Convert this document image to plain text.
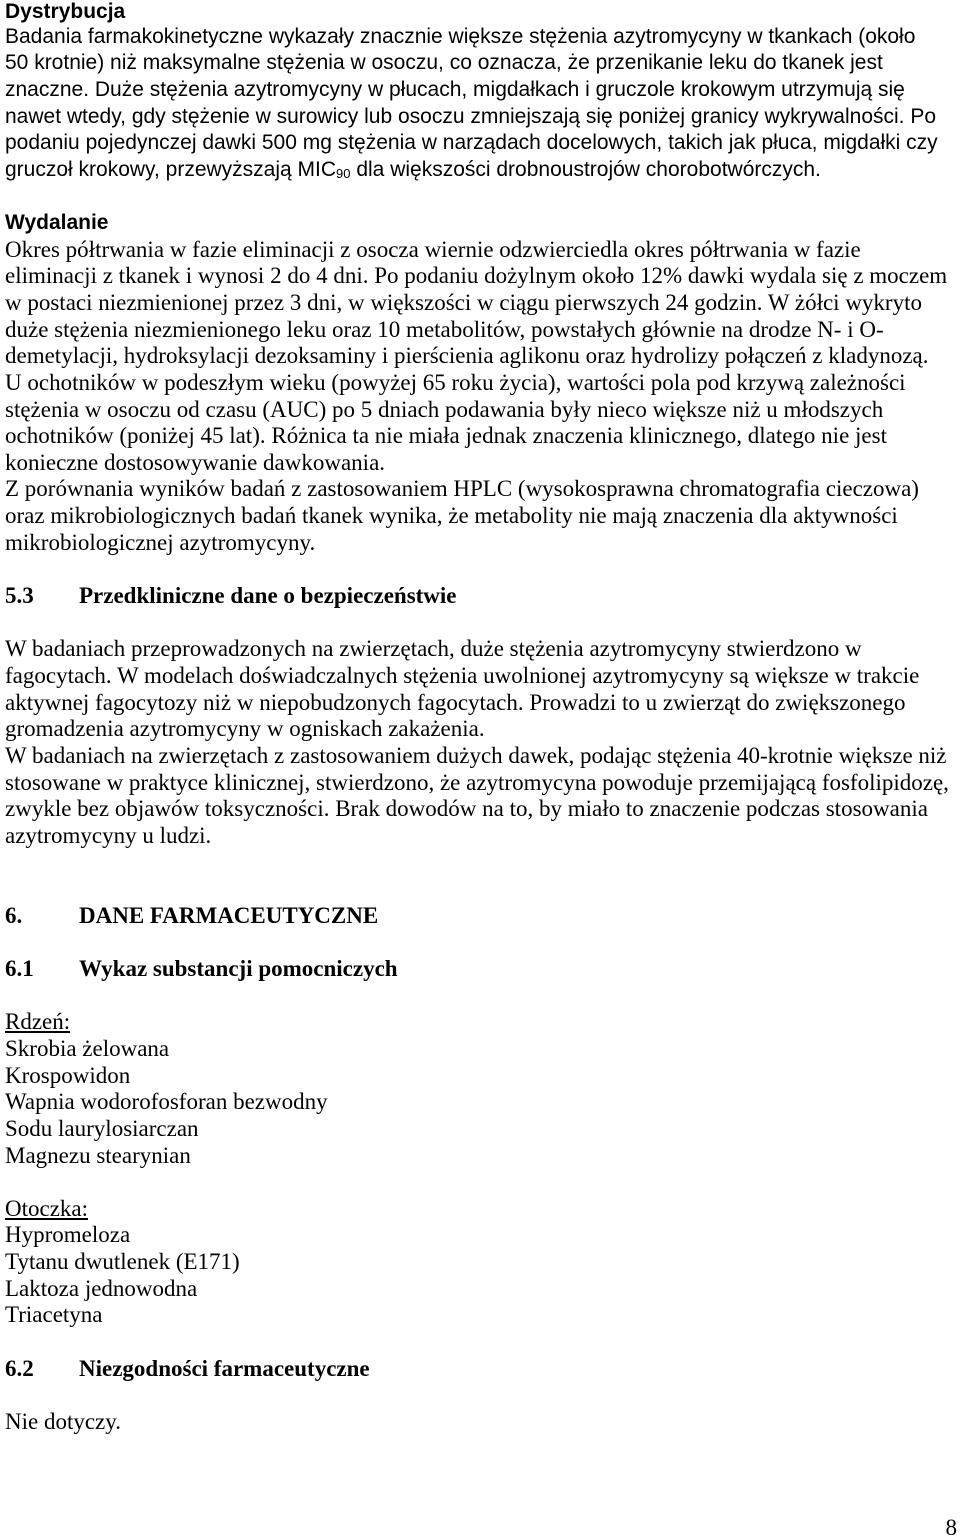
Dystrybucja
Badania farmakokinetyczne wykazały znacznie większe stężenia azytromycyny w tkankach (około
50 krotnie) niż maksymalne stężenia w osoczu, co oznacza, że przenikanie leku do tkanek jest
znaczne. Duże stężenia azytromycyny w płucach, migdałkach i gruczole krokowym utrzymują się
nawet wtedy, gdy stężenie w surowicy lub osoczu zmniejszają się poniżej granicy wykrywalności. Po
podaniu pojedynczej dawki 500 mg stężenia w narządach docelowych, takich jak płuca, migdałki czy
gruczoł krokowy, przewyższają $MIC_{90}$ dla większości drobnoustrojów chorobotwórczych.
Wydalanie
Okres półtrwania w fazie eliminacji z osocza wiernie odzwierciedla okres półtrwania w fazie
eliminacji z tkanek i wynosi 2 do 4 dni. Po podaniu dożylnym około 12% dawki wydala się z moczem
w postaci niezmienionej przez 3 dni, w większości w ciągu pierwszych 24 godzin. W żółci wykryto
duże stężenia niezmienionego leku oraz 10 metabolitów, powstałych głównie na drodze N- i O-
demetylacji, hydroksylacji dezoksaminy i pierścienia aglikonu oraz hydrolizy połączeń z kladynozą.
U ochotników w podeszłym wieku (powyżej 65 roku życia), wartości pola pod krzywą zależności
stężenia w osoczu od czasu (AUC) po 5 dniach podawania były nieco większe niż u młodszych
ochotników (poniżej 45 lat). Różnica ta nie miała jednak znaczenia klinicznego, dlatego nie jest
konieczne dostosowywanie dawkowania.
Z porównania wyników badań z zastosowaniem HPLC (wysokosprawna chromatografia cieczowa)
oraz mikrobiologicznych badań tkanek wynika, że metabolity nie mają znaczenia dla aktywności
mikrobiologicznej azytromycyny.
5.3 Przedkliniczne dane o bezpieczeństwie
W badaniach przeprowadzonych na zwierzętach, duże stężenia azytromycyny stwierdzono w
fagocytach. W modelach doświadczalnych stężenia uwolnionej azytromycyny są większe w trakcie
aktywnej fagocytozy niż w niepobudzonych fagocytach. Prowadzi to u zwierząt do zwiększonego
gromadzenia azytromycyny w ogniskach zakażenia.
W badaniach na zwierzętach z zastosowaniem dużych dawek, podając stężenia 40-krotnie większe niż
stosowane w praktyce klinicznej, stwierdzono, że azytromycyna powoduje przemijającą fosfolipidozę,
zwykle bez objawów toksyczności. Brak dowodów na to, by miało to znaczenie podczas stosowania
azytromycyny u ludzi.
6. DANE FARMACEUTYCZNE
6.1 Wykaz substancji pomocniczych
Rdzeń:
Skrobia żelowana
Krospowidon
Wapnia wodorofosforan bezwodny
Sodu laurylosiarczan
Magnezu stearynian
Otoczka:
Hypromeloza
Tytanu dwutlenek (E171)
Laktoza jednowodna
Triacetyna
6.2 Niezgodności farmaceutyczne
Nie dotyczy.
8
